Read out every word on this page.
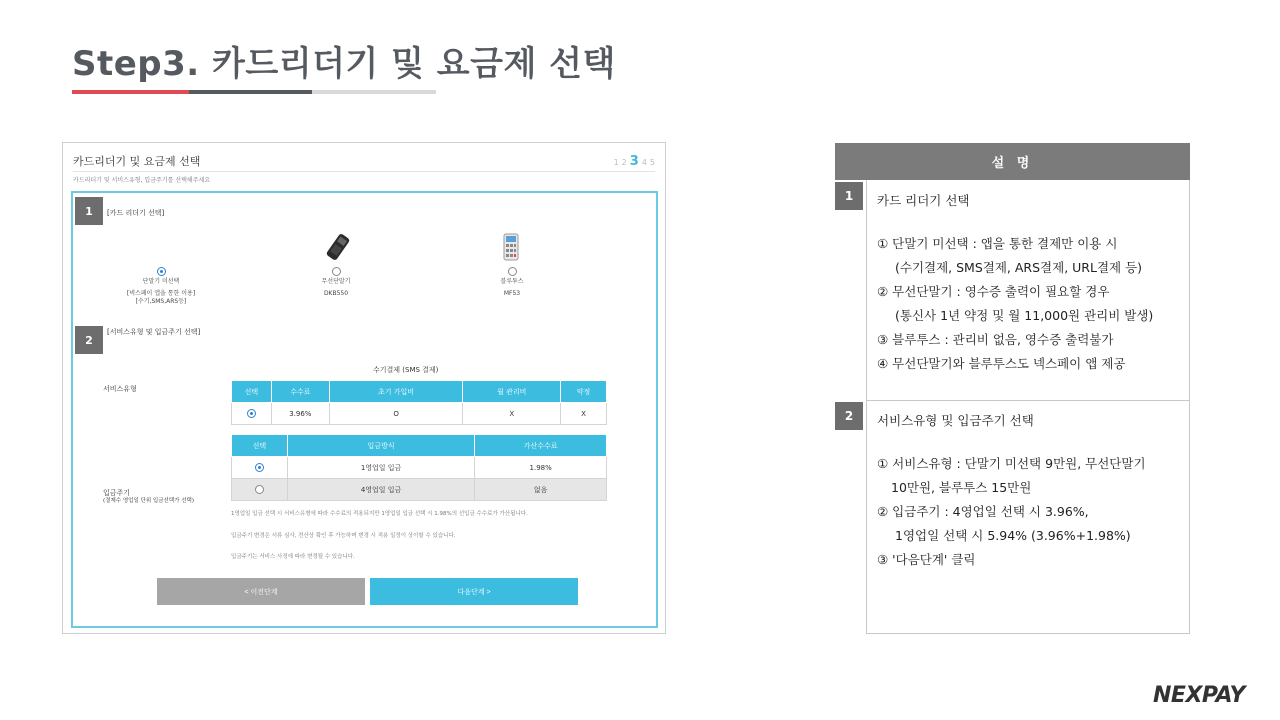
Step3. 카드리더기 및 요금제 선택
카드리더기 및 요금제 선택	1 2 3 4 5
카드리더기 및 서비스유형, 입금주기를 선택해주세요
1	[카드 리더기 선택]
단말기 미선택
[넥스페이 앱을 통한 이용]
[수기,SMS,ARS등]
무선단말기
DKB550
블루투스
MF53
2
[서비스유형 및 입금주기 선택]
수기결제 (SMS 결제)
서비스유형	선택	수수료	초기 가입비	월 관리비	약정
	3.96%	O	X	X
선택	입금방식	가산수수료
	1영업일 입금	1.98%
	4영업일 입금	없음
입금주기
(결제수 영업일 단위 입금선택가 선택)
1영업일 입금 선택 시 서비스유형에 따라 수수료의 적용되지만 1영업일 입금 선택 시 1.98%의 선입금 수수료가 가산됩니다.
입금주기 변경은 서류 심사, 전산상 확인 후 가능하며 변경 시 적용 일정이 상이할 수 있습니다.
입금주기는 서비스 사정에 따라 변경될 수 있습니다.
< 이전단계	다음단계 >
설 명
1
2
카드 리더기 선택
① 단말기 미선택 : 앱을 통한 결제만 이용 시
(수기결제, SMS결제, ARS결제, URL결제 등)
② 무선단말기 : 영수증 출력이 필요할 경우
(통신사 1년 약정 및 월 11,000원 관리비 발생)
③ 블루투스 : 관리비 없음, 영수증 출력불가
④ 무선단말기와 블루투스도 넥스페이 앱 제공
서비스유형 및 입금주기 선택
① 서비스유형 : 단말기 미선택 9만원, 무선단말기
10만원, 블루투스 15만원
② 입금주기 : 4영업일 선택 시 3.96%,
1영업일 선택 시 5.94% (3.96%+1.98%)
③ '다음단계' 클릭
NEXPAY
